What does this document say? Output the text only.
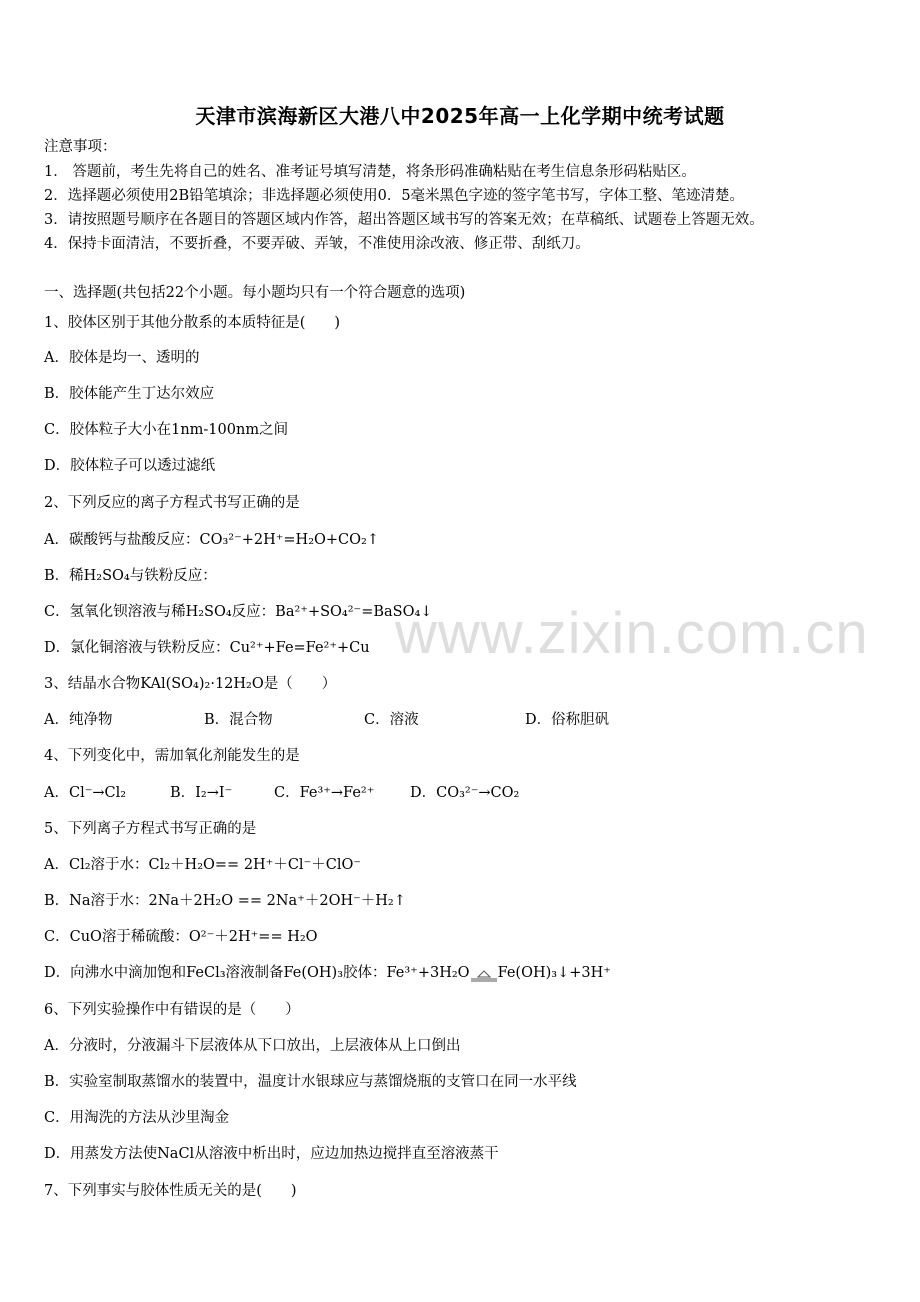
www.zixin.com.cn
天津市滨海新区大港八中2025年高一上化学期中统考试题
注意事项：
1． 答题前，考生先将自己的姓名、准考证号填写清楚，将条形码准确粘贴在考生信息条形码粘贴区。
2．选择题必须使用2B铅笔填涂；非选择题必须使用0．5毫米黑色字迹的签字笔书写，字体工整、笔迹清楚。
3．请按照题号顺序在各题目的答题区域内作答，超出答题区域书写的答案无效；在草稿纸、试题卷上答题无效。
4．保持卡面清洁，不要折叠，不要弄破、弄皱，不准使用涂改液、修正带、刮纸刀。
一、选择题(共包括22个小题。每小题均只有一个符合题意的选项)
1、胶体区别于其他分散系的本质特征是(　　)
A．胶体是均一、透明的
B．胶体能产生丁达尔效应
C．胶体粒子大小在1nm-100nm之间
D．胶体粒子可以透过滤纸
2、下列反应的离子方程式书写正确的是
A．碳酸钙与盐酸反应：CO₃²⁻+2H⁺=H₂O+CO₂↑
B．稀H₂SO₄与铁粉反应：
C．氢氧化钡溶液与稀H₂SO₄反应：Ba²⁺+SO₄²⁻=BaSO₄↓
D．氯化铜溶液与铁粉反应：Cu²⁺+Fe=Fe²⁺+Cu
3、结晶水合物KAl(SO₄)₂·12H₂O是（　　）
A．纯净物	B．混合物	C．溶液	D．俗称胆矾
4、下列变化中，需加氧化剂能发生的是
A．Cl⁻→Cl₂	B．I₂→I⁻	C．Fe³⁺→Fe²⁺ D．CO₃²⁻→CO₂
5、下列离子方程式书写正确的是
A．Cl₂溶于水：Cl₂＋H₂O== 2H⁺＋Cl⁻＋ClO⁻
B．Na溶于水：2Na＋2H₂O == 2Na⁺＋2OH⁻＋H₂↑
C．CuO溶于稀硫酸：O²⁻＋2H⁺== H₂O
D．向沸水中滴加饱和FeCl₃溶液制备Fe(OH)₃胶体：Fe³⁺+3H₂O Fe(OH)₃↓+3H⁺
6、下列实验操作中有错误的是（　　）
A．分液时，分液漏斗下层液体从下口放出，上层液体从上口倒出
B．实验室制取蒸馏水的装置中，温度计水银球应与蒸馏烧瓶的支管口在同一水平线
C．用淘洗的方法从沙里淘金
D．用蒸发方法使NaCl从溶液中析出时，应边加热边搅拌直至溶液蒸干
7、下列事实与胶体性质无关的是(　　)
